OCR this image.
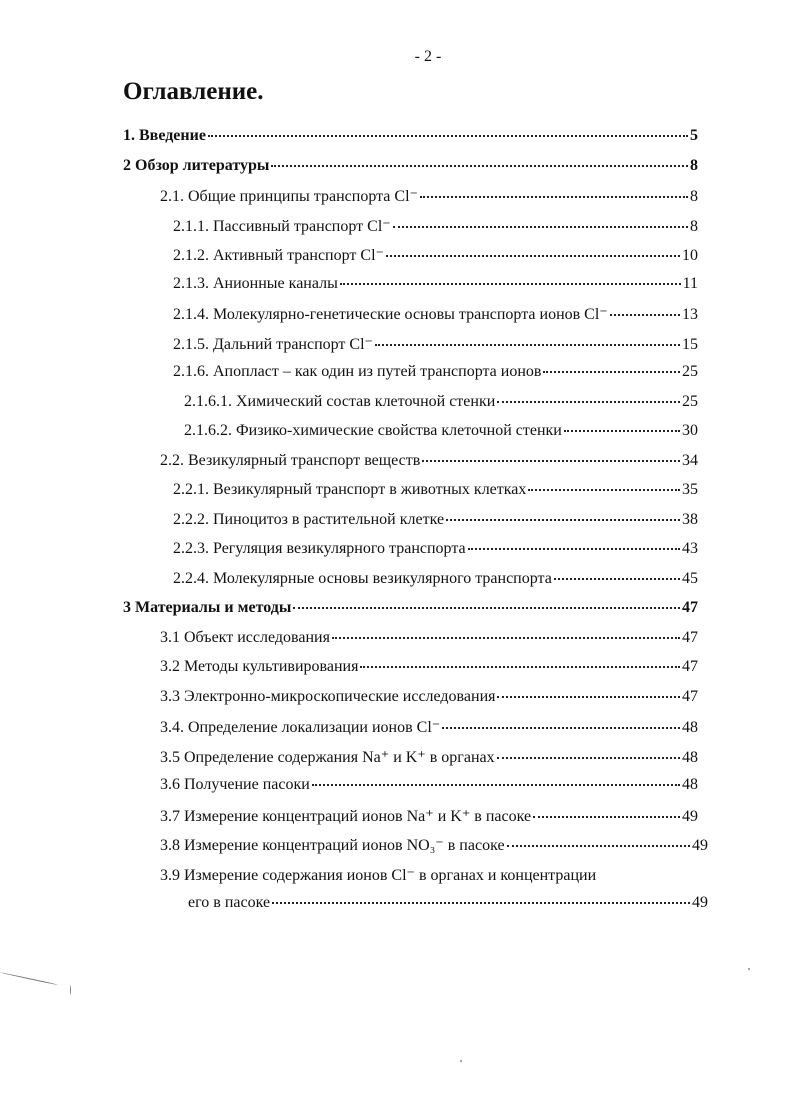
- 2 -
Оглавление.
1. Введение	5
2 Обзор литературы	8
2.1. Общие принципы транспорта Cl⁻	8
2.1.1. Пассивный транспорт Cl⁻	8
2.1.2. Активный транспорт Cl⁻	10
2.1.3. Анионные каналы	11
2.1.4. Молекулярно-генетические основы транспорта ионов Cl⁻	13
2.1.5. Дальний транспорт Cl⁻	15
2.1.6. Апопласт – как один из путей транспорта ионов	25
2.1.6.1. Химический состав клеточной стенки	25
2.1.6.2. Физико-химические свойства клеточной стенки	30
2.2. Везикулярный транспорт веществ	34
2.2.1. Везикулярный транспорт в животных клетках	35
2.2.2. Пиноцитоз в растительной клетке	38
2.2.3. Регуляция везикулярного транспорта	43
2.2.4. Молекулярные основы везикулярного транспорта	45
3 Материалы и методы	47
3.1 Объект исследования	47
3.2 Методы культивирования	47
3.3 Электронно-микроскопические исследования	47
3.4. Определение локализации ионов Cl⁻	48
3.5 Определение содержания Na⁺ и K⁺ в органах	48
3.6 Получение пасоки	48
3.7 Измерение концентраций ионов Na⁺ и K⁺ в пасоке	49
3.8 Измерение концентраций ионов NO₃⁻ в пасоке	49
3.9 Измерение содержания ионов Cl⁻ в органах и концентрации
его в пасоке	49
